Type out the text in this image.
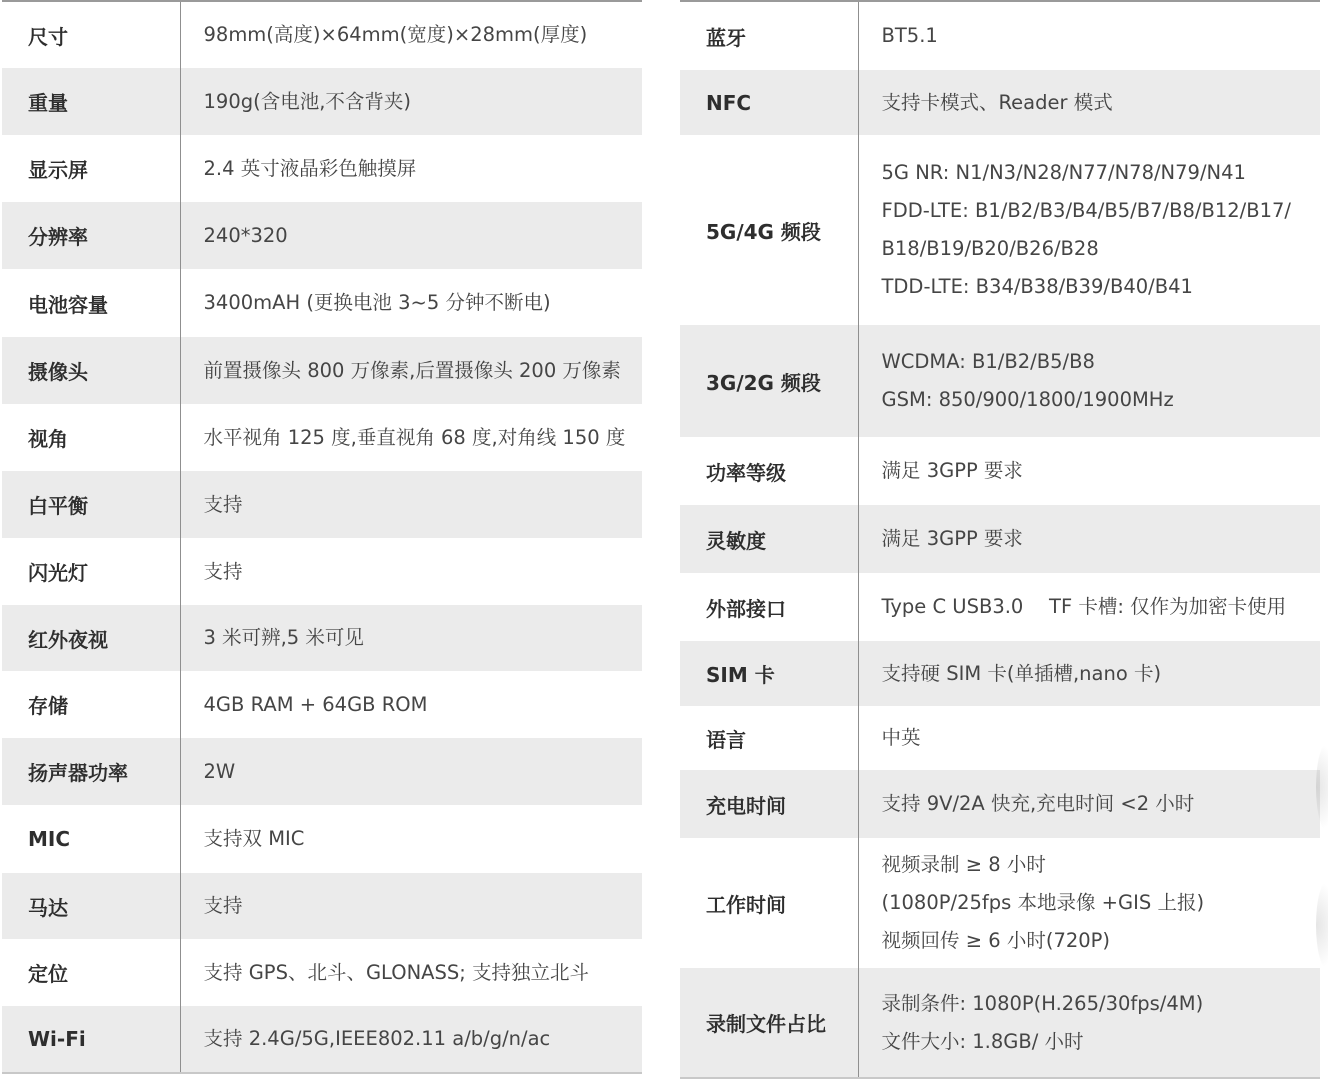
尺寸	98mm(高度)×64mm(宽度)×28mm(厚度)

重量	190g(含电池,不含背夹)

显示屏	2.4 英寸液晶彩色触摸屏

分辨率	240*320

电池容量	3400mAH (更换电池 3~5 分钟不断电)

摄像头	前置摄像头 800 万像素,后置摄像头 200 万像素

视角	水平视角 125 度,垂直视角 68 度,对角线 150 度

白平衡	支持

闪光灯	支持

红外夜视	3 米可辨,5 米可见

存储	4GB RAM + 64GB ROM

扬声器功率	2W

MIC	支持双 MIC

马达	支持

定位	支持 GPS、北斗、GLONASS; 支持独立北斗

Wi-Fi	支持 2.4G/5G,IEEE802.11 a/b/g/n/ac
蓝牙	BT5.1

NFC	支持卡模式、Reader 模式

5G/4G 频段	5G NR: N1/N3/N28/N77/N78/N79/N41
FDD-LTE: B1/B2/B3/B4/B5/B7/B8/B12/B17/
B18/B19/B20/B26/B28
TDD-LTE: B34/B38/B39/B40/B41

3G/2G 频段	WCDMA: B1/B2/B5/B8
GSM: 850/900/1800/1900MHz

功率等级	满足 3GPP 要求

灵敏度	满足 3GPP 要求

外部接口	Type C USB3.0　 TF 卡槽: 仅作为加密卡使用

SIM 卡	支持硬 SIM 卡(单插槽,nano 卡)

语言	中英

充电时间	支持 9V/2A 快充,充电时间 <2 小时

工作时间	视频录制 ≥ 8 小时
(1080P/25fps 本地录像 +GIS 上报)
视频回传 ≥ 6 小时(720P)

录制文件占比	录制条件: 1080P(H.265/30fps/4M)
文件大小: 1.8GB/ 小时
